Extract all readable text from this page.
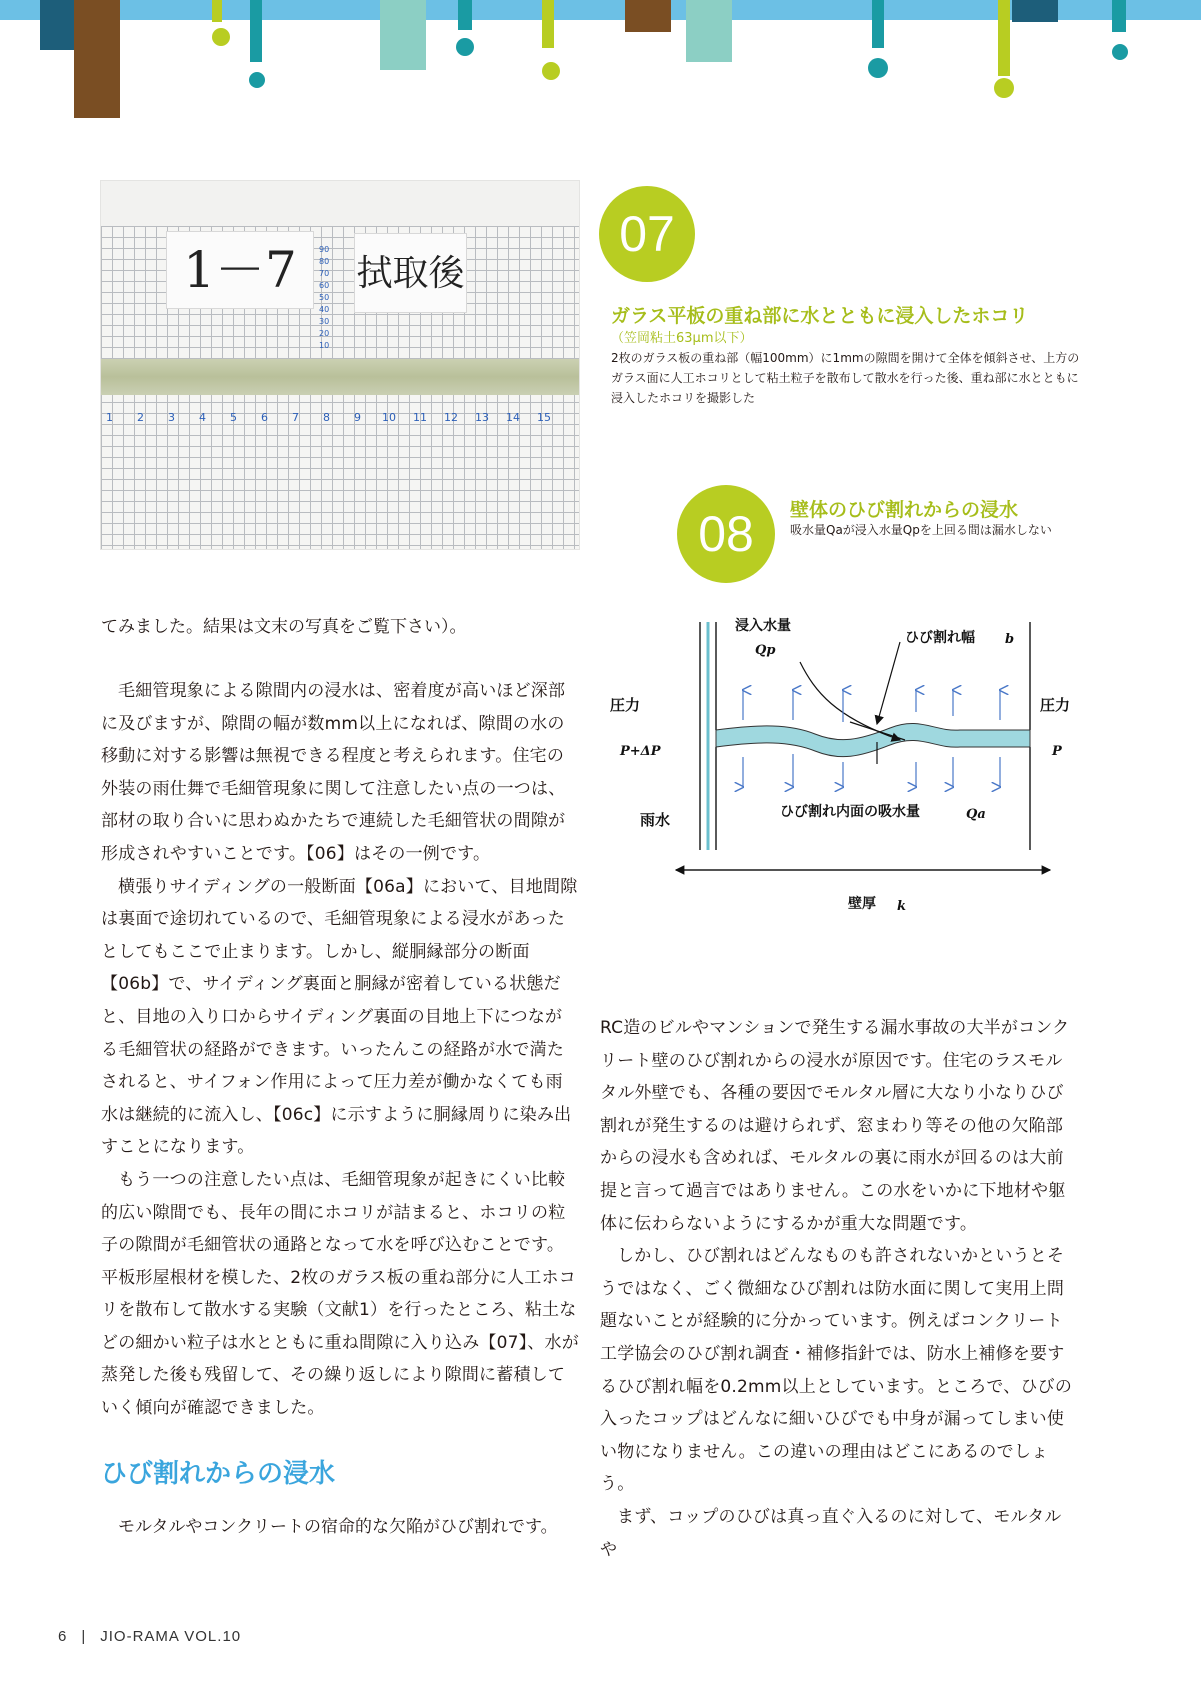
1－7	拭取後
90
80
70
60
50
40
30
20
10
1 2 3 4 5 6 7 8 9 10 11 12 13 14 15
07
ガラス平板の重ね部に水とともに浸入したホコリ
（笠岡粘土63μm以下）
2枚のガラス板の重ね部（幅100mm）に1mmの隙間を開けて全体を傾斜させ、上方のガラス面に人工ホコリとして粘土粒子を散布して散水を行った後、重ね部に水とともに浸入したホコリを撮影した
08	壁体のひび割れからの浸水
吸水量Qaが浸入水量Qpを上回る間は漏水しない
浸入水量
Qp
ひび割れ幅 b
圧力
P+ΔP
圧力
P
雨水	ひび割れ内面の吸水量	Qa
壁厚 k
てみました。結果は文末の写真をご覧下さい）。

毛細管現象による隙間内の浸水は、密着度が高いほど深部に及びますが、隙間の幅が数mm以上になれば、隙間の水の移動に対する影響は無視できる程度と考えられます。住宅の外装の雨仕舞で毛細管現象に関して注意したい点の一つは、部材の取り合いに思わぬかたちで連続した毛細管状の間隙が形成されやすいことです。【06】はその一例です。

横張りサイディングの一般断面【06a】において、目地間隙は裏面で途切れているので、毛細管現象による浸水があったとしてもここで止まります。しかし、縦胴縁部分の断面【06b】で、サイディング裏面と胴縁が密着している状態だと、目地の入り口からサイディング裏面の目地上下につながる毛細管状の経路ができます。いったんこの経路が水で満たされると、サイフォン作用によって圧力差が働かなくても雨水は継続的に流入し、【06c】に示すように胴縁周りに染み出すことになります。

もう一つの注意したい点は、毛細管現象が起きにくい比較的広い隙間でも、長年の間にホコリが詰まると、ホコリの粒子の隙間が毛細管状の通路となって水を呼び込むことです。平板形屋根材を模した、2枚のガラス板の重ね部分に人工ホコリを散布して散水する実験（文献1）を行ったところ、粘土などの細かい粒子は水とともに重ね間隙に入り込み【07】、水が蒸発した後も残留して、その繰り返しにより隙間に蓄積していく傾向が確認できました。

ひび割れからの浸水
モルタルやコンクリートの宿命的な欠陥がひび割れです。

RC造のビルやマンションで発生する漏水事故の大半がコンクリート壁のひび割れからの浸水が原因です。住宅のラスモルタル外壁でも、各種の要因でモルタル層に大なり小なりひび割れが発生するのは避けられず、窓まわり等その他の欠陥部からの浸水も含めれば、モルタルの裏に雨水が回るのは大前提と言って過言ではありません。この水をいかに下地材や躯体に伝わらないようにするかが重大な問題です。

しかし、ひび割れはどんなものも許されないかというとそうではなく、ごく微細なひび割れは防水面に関して実用上問題ないことが経験的に分かっています。例えばコンクリート工学協会のひび割れ調査・補修指針では、防水上補修を要するひび割れ幅を0.2mm以上としています。ところで、ひびの入ったコップはどんなに細いひびでも中身が漏ってしまい使い物になりません。この違いの理由はどこにあるのでしょう。

まず、コップのひびは真っ直ぐ入るのに対して、モルタルや

6 | JIO-RAMA VOL.10
